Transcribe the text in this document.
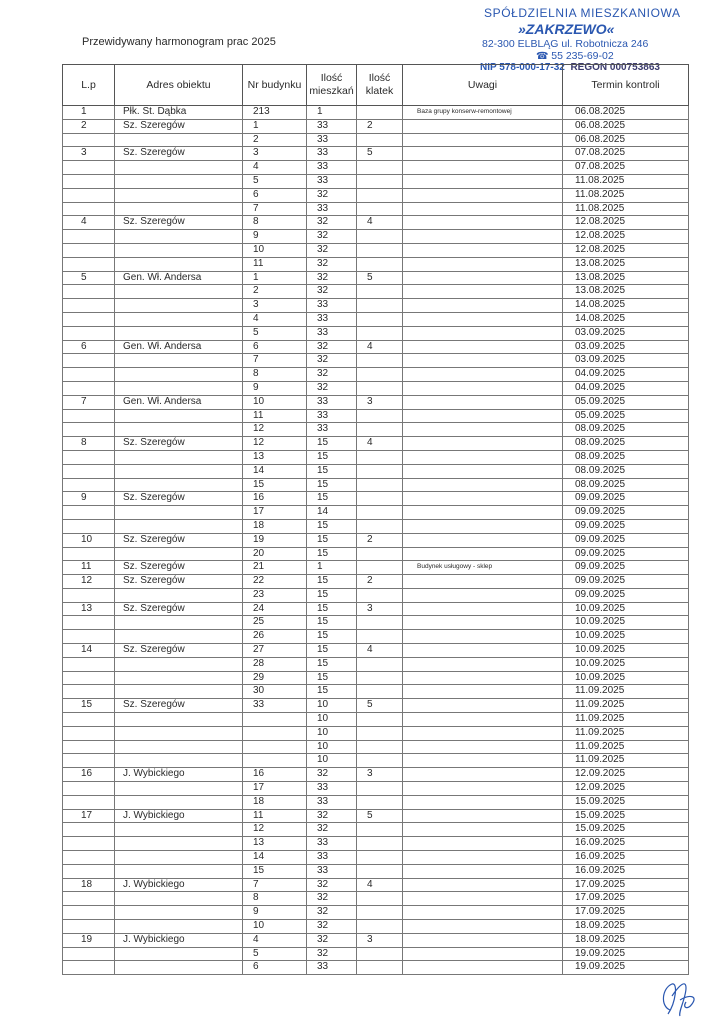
Przewidywany harmonogram prac 2025
SPÓŁDZIELNIA MIESZKANIOWA
»ZAKRZEWO«
82-300 ELBLĄG ul. Robotnicza 246
☎ 55 235-69-02
NIP 578-000-17-32 REGON 000753863
L.p	Adres obiektu	Nr budynku	Ilość mieszkań	Ilość klatek	Uwagi	Termin kontroli
1	Płk. St. Dąbka	213	1		Baza grupy konserw-remontowej	06.08.2025
2	Sz. Szeregów	1	33	2		06.08.2025
		2	33			06.08.2025
3	Sz. Szeregów	3	33	5		07.08.2025
		4	33			07.08.2025
		5	33			11.08.2025
		6	32			11.08.2025
		7	33			11.08.2025
4	Sz. Szeregów	8	32	4		12.08.2025
		9	32			12.08.2025
		10	32			12.08.2025
		11	32			13.08.2025
5	Gen. Wł. Andersa	1	32	5		13.08.2025
		2	32			13.08.2025
		3	33			14.08.2025
		4	33			14.08.2025
		5	33			03.09.2025
6	Gen. Wł. Andersa	6	32	4		03.09.2025
		7	32			03.09.2025
		8	32			04.09.2025
		9	32			04.09.2025
7	Gen. Wł. Andersa	10	33	3		05.09.2025
		11	33			05.09.2025
		12	33			08.09.2025
8	Sz. Szeregów	12	15	4		08.09.2025
		13	15			08.09.2025
		14	15			08.09.2025
		15	15			08.09.2025
9	Sz. Szeregów	16	15			09.09.2025
		17	14			09.09.2025
		18	15			09.09.2025
10	Sz. Szeregów	19	15	2		09.09.2025
		20	15			09.09.2025
11	Sz. Szeregów	21	1		Budynek usługowy - sklep	09.09.2025
12	Sz. Szeregów	22	15	2		09.09.2025
		23	15			09.09.2025
13	Sz. Szeregów	24	15	3		10.09.2025
		25	15			10.09.2025
		26	15			10.09.2025
14	Sz. Szeregów	27	15	4		10.09.2025
		28	15			10.09.2025
		29	15			10.09.2025
		30	15			11.09.2025
15	Sz. Szeregów	33	10	5		11.09.2025
			10			11.09.2025
			10			11.09.2025
			10			11.09.2025
			10			11.09.2025
16	J. Wybickiego	16	32	3		12.09.2025
		17	33			12.09.2025
		18	33			15.09.2025
17	J. Wybickiego	11	32	5		15.09.2025
		12	32			15.09.2025
		13	33			16.09.2025
		14	33			16.09.2025
		15	33			16.09.2025
18	J. Wybickiego	7	32	4		17.09.2025
		8	32			17.09.2025
		9	32			17.09.2025
		10	32			18.09.2025
19	J. Wybickiego	4	32	3		18.09.2025
		5	32			19.09.2025
		6	33			19.09.2025
